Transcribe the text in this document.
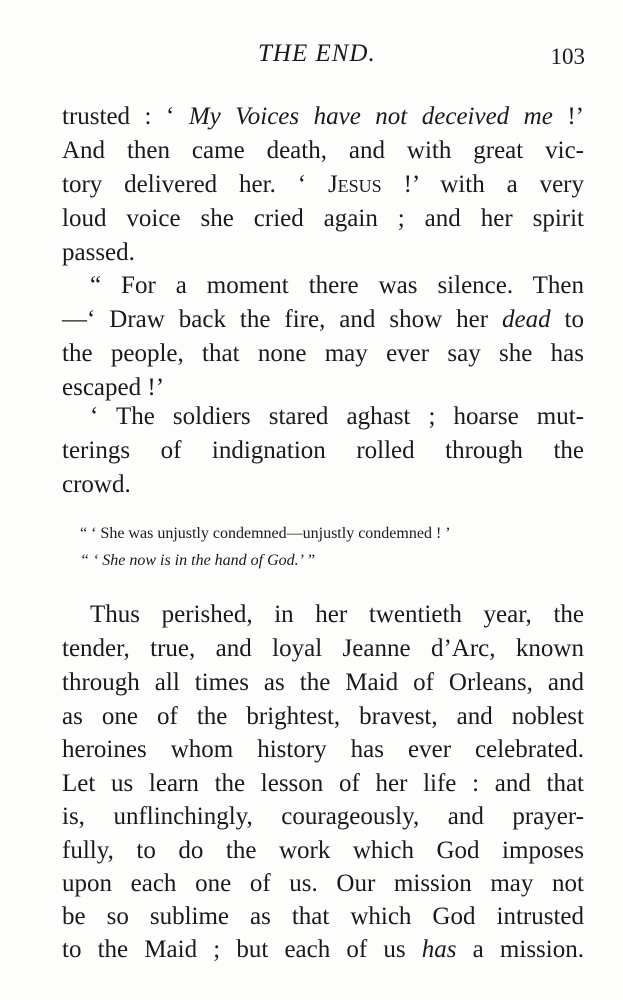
THE END.	103
trusted : ‘ My Voices have not deceived me !’
And then came death, and with great vic-
tory delivered her. ‘ Jesus !’ with a very
loud voice she cried again ; and her spirit
passed.
“ For a moment there was silence. Then
—‘ Draw back the fire, and show her dead to
the people, that none may ever say she has
escaped !’
‘ The soldiers stared aghast ; hoarse mut-
terings of indignation rolled through the
crowd.
“ ‘ She was unjustly condemned—unjustly condemned ! ’
“ ‘ She now is in the hand of God.’ ”
Thus perished, in her twentieth year, the
tender, true, and loyal Jeanne d’Arc, known
through all times as the Maid of Orleans, and
as one of the brightest, bravest, and noblest
heroines whom history has ever celebrated.
Let us learn the lesson of her life : and that
is, unflinchingly, courageously, and prayer-
fully, to do the work which God imposes
upon each one of us. Our mission may not
be so sublime as that which God intrusted
to the Maid ; but each of us has a mission.
